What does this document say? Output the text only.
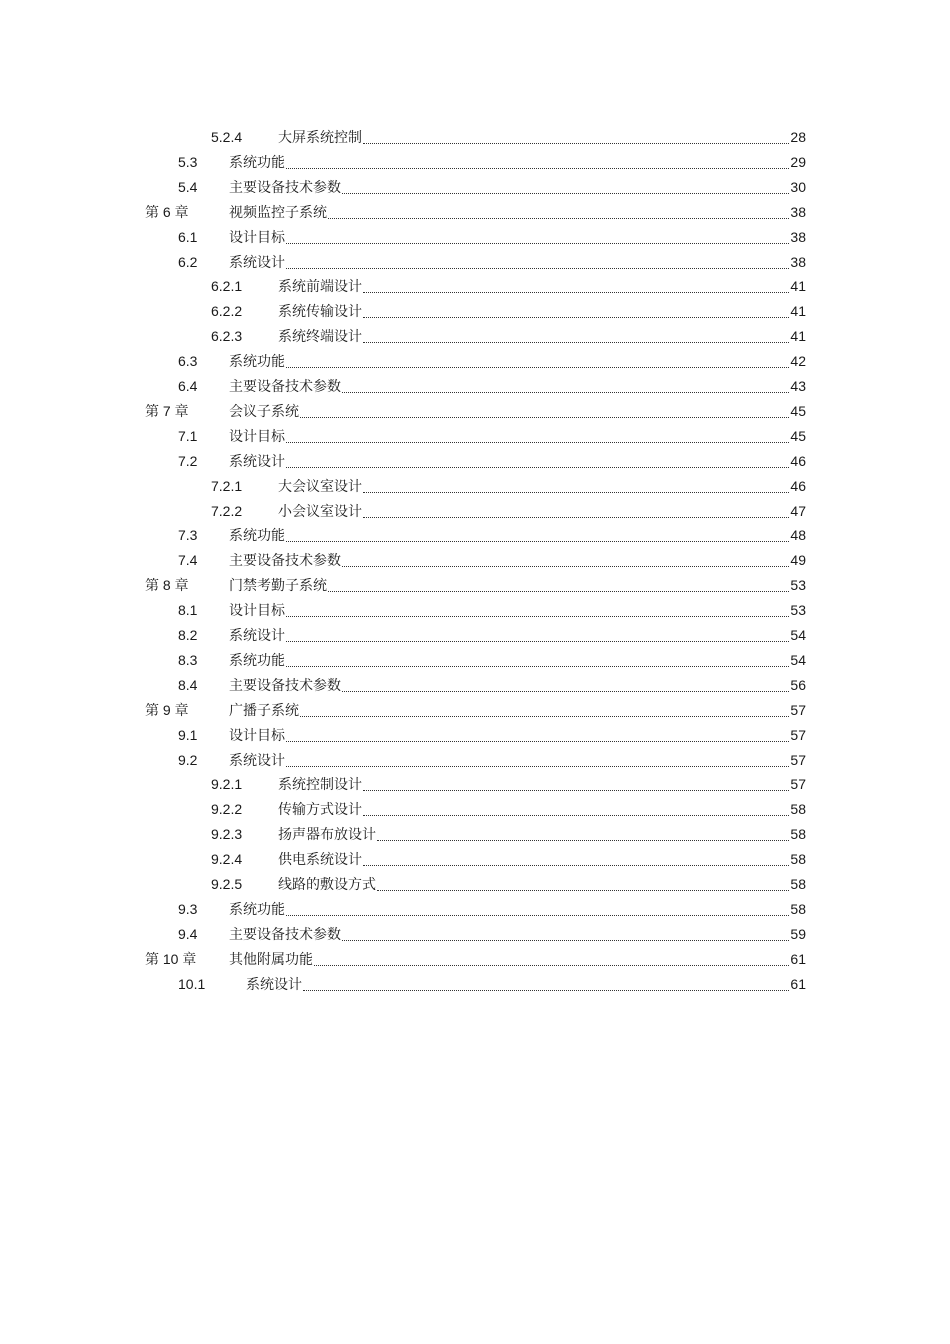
5.2.4	大屏系统控制	28
5.3	系统功能	29
5.4	主要设备技术参数	30
第 6 章	视频监控子系统	38
6.1	设计目标	38
6.2	系统设计	38
6.2.1	系统前端设计	41
6.2.2	系统传输设计	41
6.2.3	系统终端设计	41
6.3	系统功能	42
6.4	主要设备技术参数	43
第 7 章	会议子系统	45
7.1	设计目标	45
7.2	系统设计	46
7.2.1	大会议室设计	46
7.2.2	小会议室设计	47
7.3	系统功能	48
7.4	主要设备技术参数	49
第 8 章	门禁考勤子系统	53
8.1	设计目标	53
8.2	系统设计	54
8.3	系统功能	54
8.4	主要设备技术参数	56
第 9 章	广播子系统	57
9.1	设计目标	57
9.2	系统设计	57
9.2.1	系统控制设计	57
9.2.2	传输方式设计	58
9.2.3	扬声器布放设计	58
9.2.4	供电系统设计	58
9.2.5	线路的敷设方式	58
9.3	系统功能	58
9.4	主要设备技术参数	59
第 10 章	其他附属功能	61
10.1	系统设计	61
